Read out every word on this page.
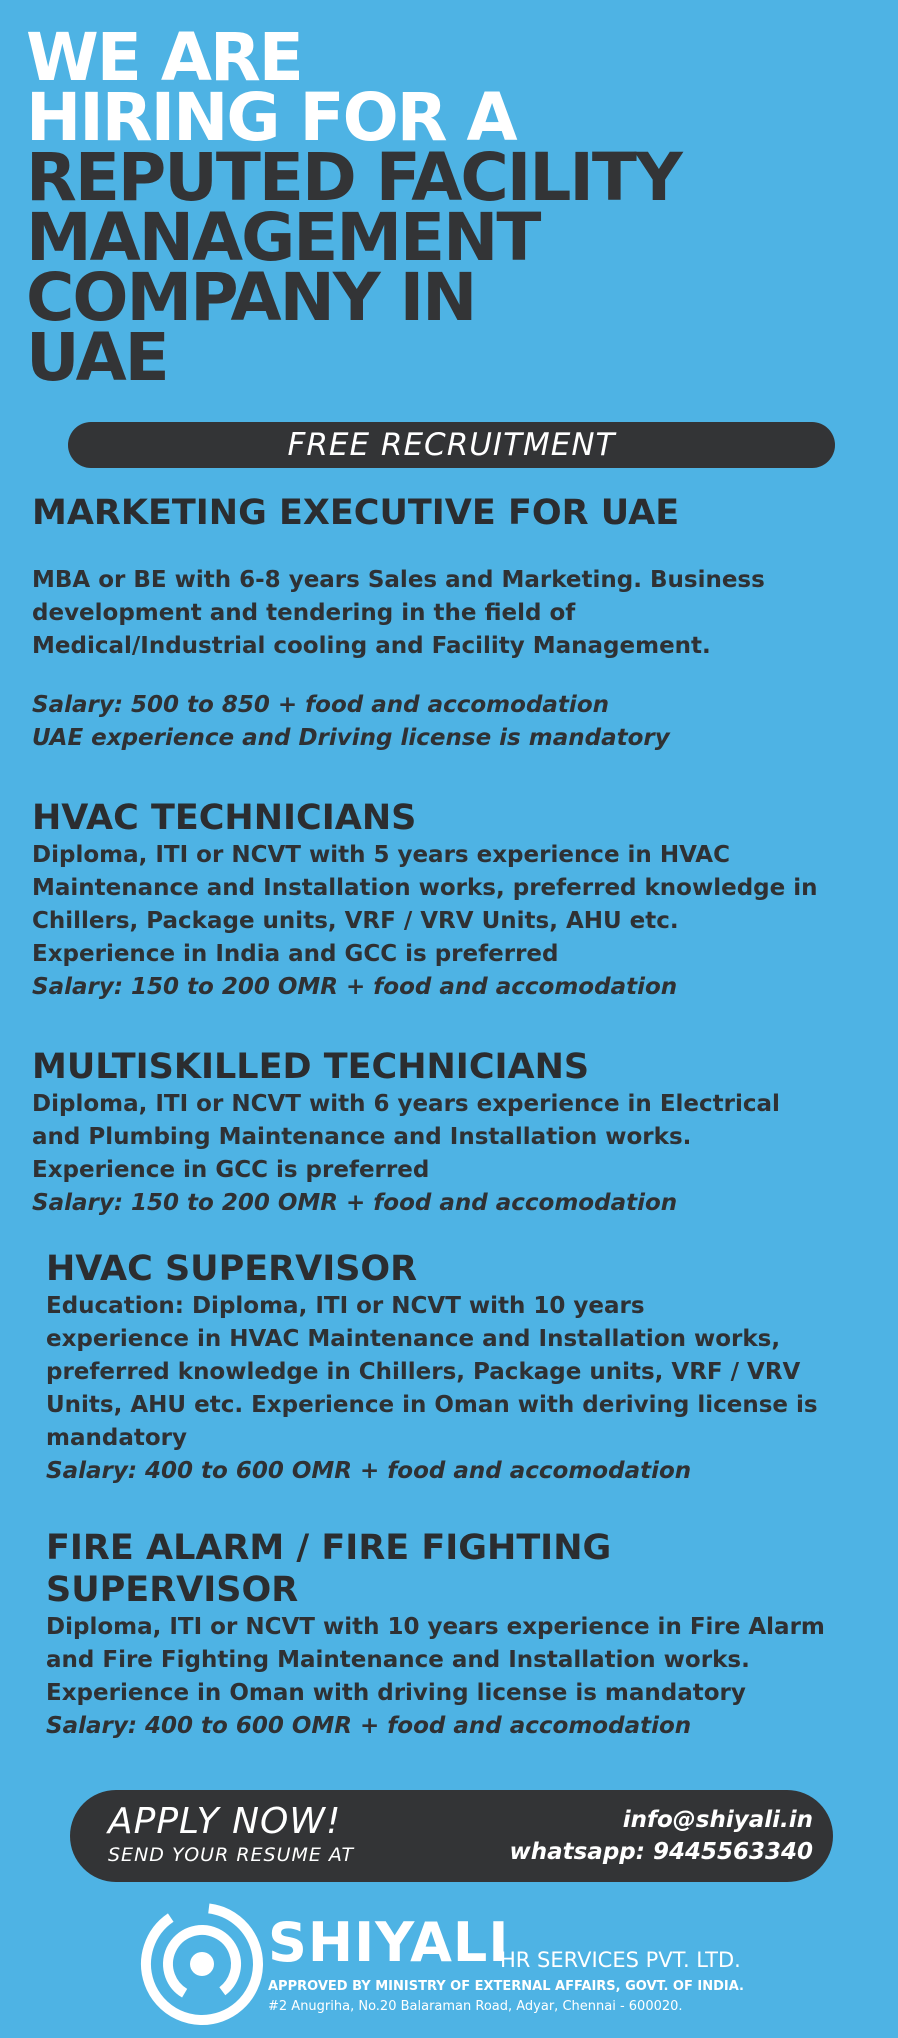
WE ARE
HIRING FOR A
REPUTED FACILITY
MANAGEMENT
COMPANY IN
UAE
FREE RECRUITMENT
MARKETING EXECUTIVE FOR UAE

MBA or BE with 6-8 years Sales and Marketing. Business

development and tendering in the field of

Medical/Industrial cooling and Facility Management.

Salary: 500 to 850 + food and accomodation

UAE experience and Driving license is mandatory

HVAC TECHNICIANS

Diploma, ITI or NCVT with 5 years experience in HVAC

Maintenance and Installation works, preferred knowledge in

Chillers, Package units, VRF / VRV Units, AHU etc.

Experience in India and GCC is preferred

Salary: 150 to 200 OMR + food and accomodation

MULTISKILLED TECHNICIANS

Diploma, ITI or NCVT with 6 years experience in Electrical

and Plumbing Maintenance and Installation works.

Experience in GCC is preferred

Salary: 150 to 200 OMR + food and accomodation

HVAC SUPERVISOR

Education: Diploma, ITI or NCVT with 10 years

experience in HVAC Maintenance and Installation works,

preferred knowledge in Chillers, Package units, VRF / VRV

Units, AHU etc. Experience in Oman with deriving license is

mandatory

Salary: 400 to 600 OMR + food and accomodation

FIRE ALARM / FIRE FIGHTING
SUPERVISOR

Diploma, ITI or NCVT with 10 years experience in Fire Alarm

and Fire Fighting Maintenance and Installation works.

Experience in Oman with driving license is mandatory

Salary: 400 to 600 OMR + food and accomodation

APPLY NOW!
SEND YOUR RESUME AT
info@shiyali.in
whatsapp: 9445563340
SHIYALI
HR SERVICES PVT. LTD.
APPROVED BY MINISTRY OF EXTERNAL AFFAIRS, GOVT. OF INDIA.
#2 Anugriha, No.20 Balaraman Road, Adyar, Chennai - 600020.
